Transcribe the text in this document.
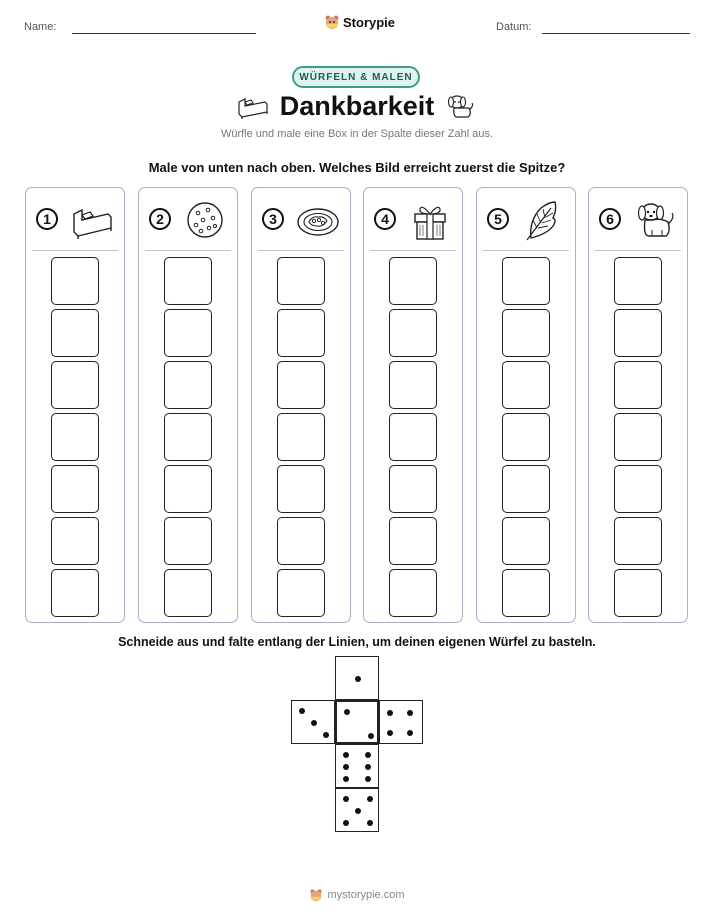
Name:	Storypie	Datum:
WÜRFELN & MALEN
Dankbarkeit
Würfle und male eine Box in der Spalte dieser Zahl aus.
Male von unten nach oben. Welches Bild erreicht zuerst die Spitze?
1	2	3	4	5	6
Schneide aus und falte entlang der Linien, um deinen eigenen Würfel zu basteln.
mystorypie.com
